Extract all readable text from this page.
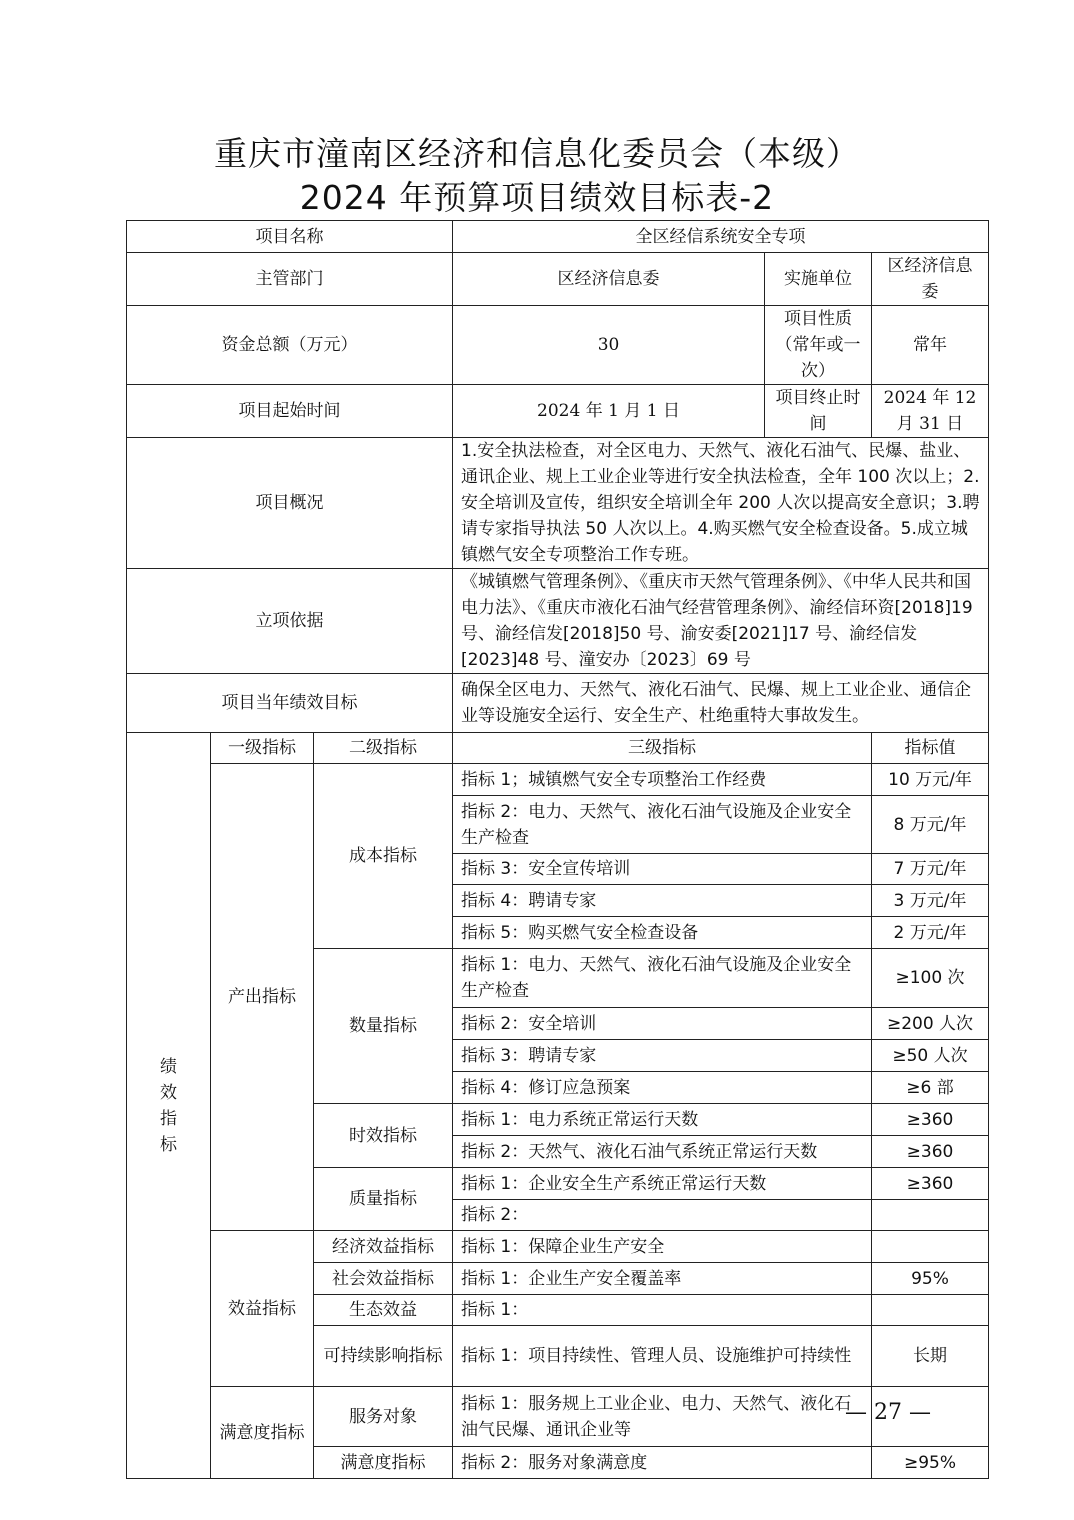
重庆市潼南区经济和信息化委员会（本级）
2024 年预算项目绩效目标表-2
项目名称			全区经信系统安全专项		
主管部门			区经济信息委	实施单位	区经济信息委
资金总额（万元）			30	项目性质（常年或一次）	常年
项目起始时间			2024 年 1 月 1 日	项目终止时间	2024 年 12 月 31 日
项目概况			1.安全执法检查，对全区电力、天然气、液化石油气、民爆、盐业、通讯企业、规上工业企业等进行安全执法检查，全年 100 次以上；2.安全培训及宣传，组织安全培训全年 200 人次以提高安全意识；3.聘请专家指导执法 50 人次以上。4.购买燃气安全检查设备。5.成立城镇燃气安全专项整治工作专班。		
立项依据			《城镇燃气管理条例》、《重庆市天然气管理条例》、《中华人民共和国电力法》、《重庆市液化石油气经营管理条例》、渝经信环资[2018]19 号、渝经信发[2018]50 号、渝安委[2021]17 号、渝经信发[2023]48 号、潼安办〔2023〕69 号		
项目当年绩效目标			确保全区电力、天然气、液化石油气、民爆、规上工业企业、通信企业等设施安全运行、安全生产、杜绝重特大事故发生。		
绩
效
指
标	一级指标	二级指标	三级指标		指标值
	产出指标	成本指标	指标 1；城镇燃气安全专项整治工作经费		10 万元/年
			指标 2：电力、天然气、液化石油气设施及企业安全生产检查		8 万元/年
			指标 3：安全宣传培训		7 万元/年
			指标 4：聘请专家		3 万元/年
			指标 5：购买燃气安全检查设备		2 万元/年
		数量指标	指标 1：电力、天然气、液化石油气设施及企业安全生产检查		≥100 次
			指标 2：安全培训		≥200 人次
			指标 3：聘请专家		≥50 人次
			指标 4：修订应急预案		≥6 部
		时效指标	指标 1：电力系统正常运行天数		≥360
			指标 2：天然气、液化石油气系统正常运行天数		≥360
		质量指标	指标 1：企业安全生产系统正常运行天数		≥360
			指标 2：		
	效益指标	经济效益指标	指标 1：保障企业生产安全		
		社会效益指标	指标 1：企业生产安全覆盖率		95%
		生态效益	指标 1：		
		可持续影响指标	指标 1：项目持续性、管理人员、设施维护可持续性		长期
	满意度指标	服务对象	指标 1：服务规上工业企业、电力、天然气、液化石油气民爆、通讯企业等		
		满意度指标	指标 2：服务对象满意度		≥95%
— 27 —
